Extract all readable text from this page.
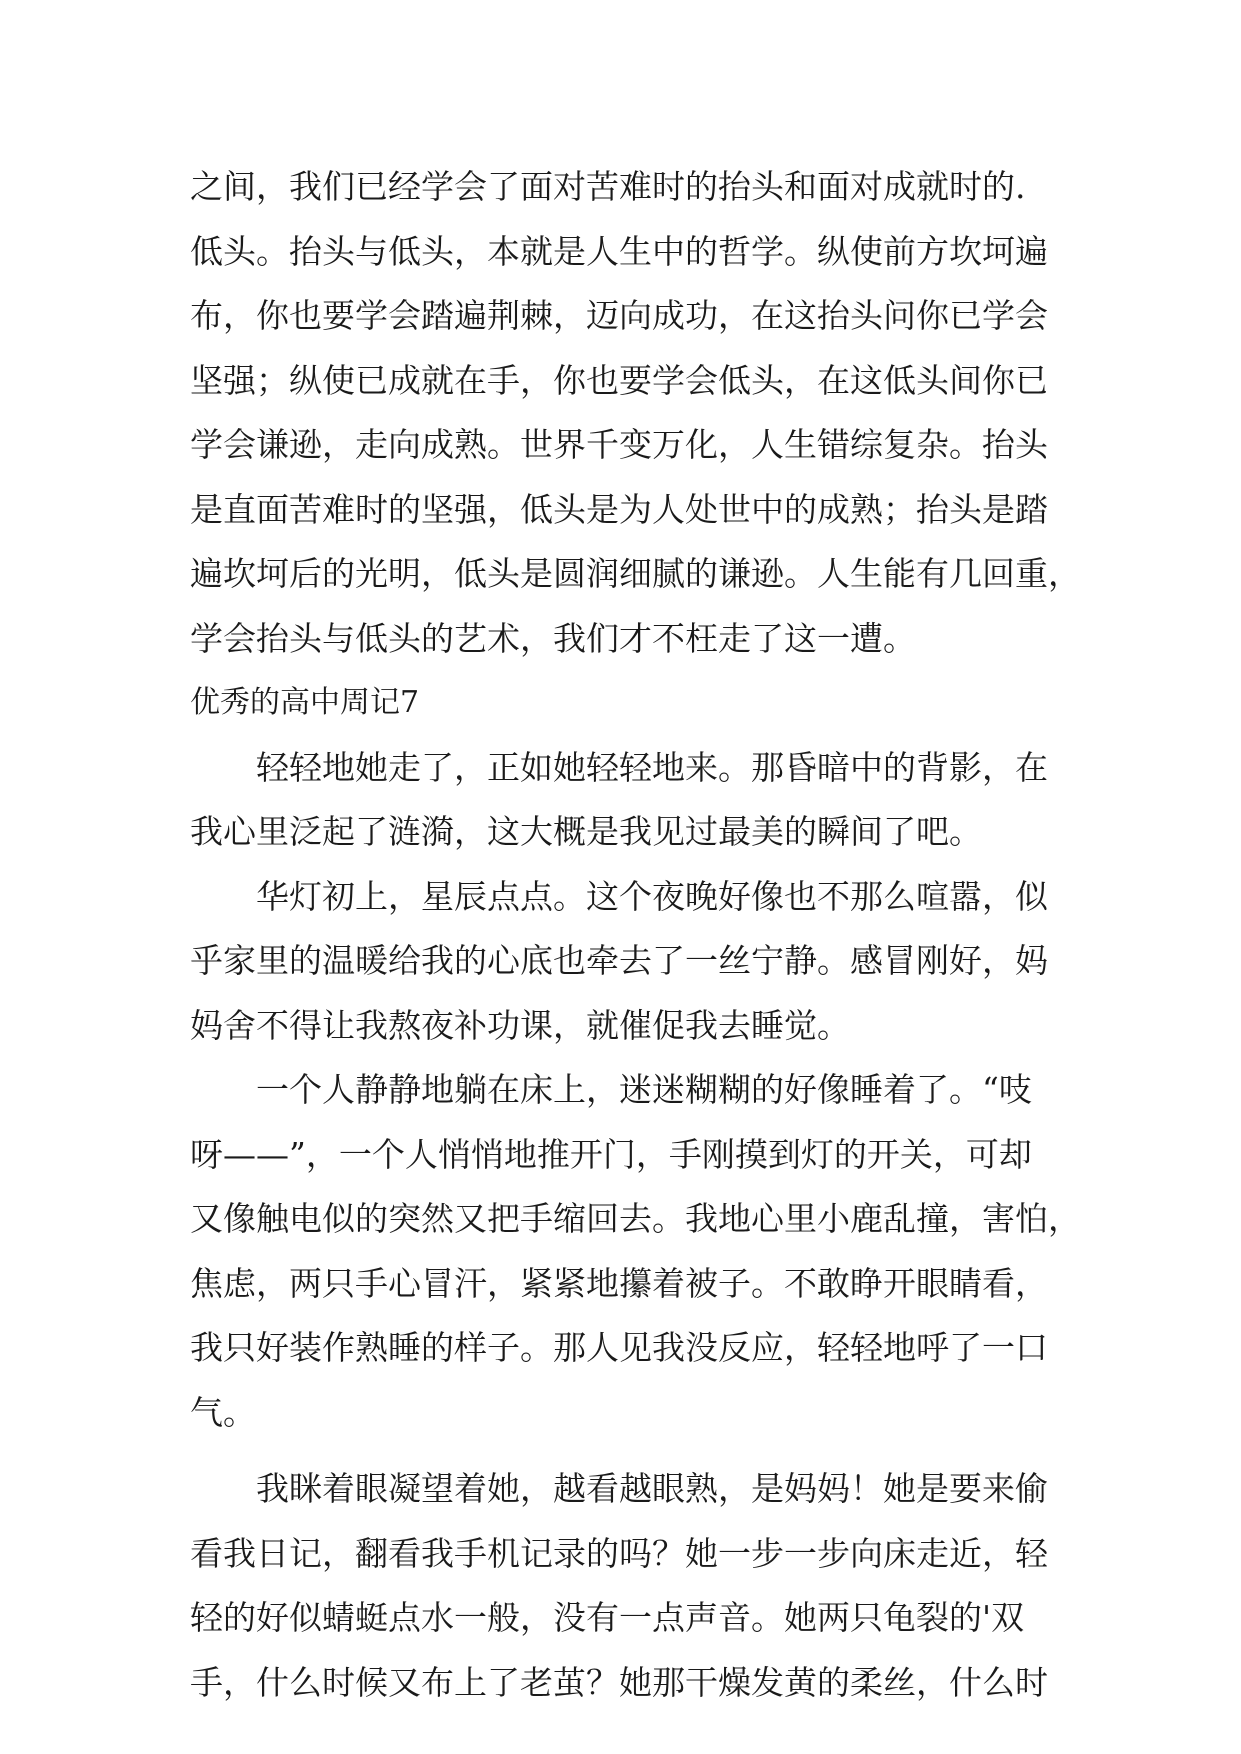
之间，我们已经学会了面对苦难时的抬头和面对成就时的.
低头。抬头与低头，本就是人生中的哲学。纵使前方坎坷遍
布，你也要学会踏遍荆棘，迈向成功，在这抬头问你已学会
坚强；纵使已成就在手，你也要学会低头，在这低头间你已
学会谦逊，走向成熟。世界千变万化，人生错综复杂。抬头
是直面苦难时的坚强，低头是为人处世中的成熟；抬头是踏
遍坎坷后的光明，低头是圆润细腻的谦逊。人生能有几回重，
学会抬头与低头的艺术，我们才不枉走了这一遭。
优秀的高中周记7
轻轻地她走了，正如她轻轻地来。那昏暗中的背影，在
我心里泛起了涟漪，这大概是我见过最美的瞬间了吧。
华灯初上，星辰点点。这个夜晚好像也不那么喧嚣，似
乎家里的温暖给我的心底也牵去了一丝宁静。感冒刚好，妈
妈舍不得让我熬夜补功课，就催促我去睡觉。
一个人静静地躺在床上，迷迷糊糊的好像睡着了。“吱
呀——”，一个人悄悄地推开门，手刚摸到灯的开关，可却
又像触电似的突然又把手缩回去。我地心里小鹿乱撞，害怕，
焦虑，两只手心冒汗，紧紧地攥着被子。不敢睁开眼睛看，
我只好装作熟睡的样子。那人见我没反应，轻轻地呼了一口
气。
我眯着眼凝望着她，越看越眼熟，是妈妈！她是要来偷
看我日记，翻看我手机记录的吗？她一步一步向床走近，轻
轻的好似蜻蜓点水一般，没有一点声音。她两只龟裂的'双
手，什么时候又布上了老茧？她那干燥发黄的柔丝，什么时
